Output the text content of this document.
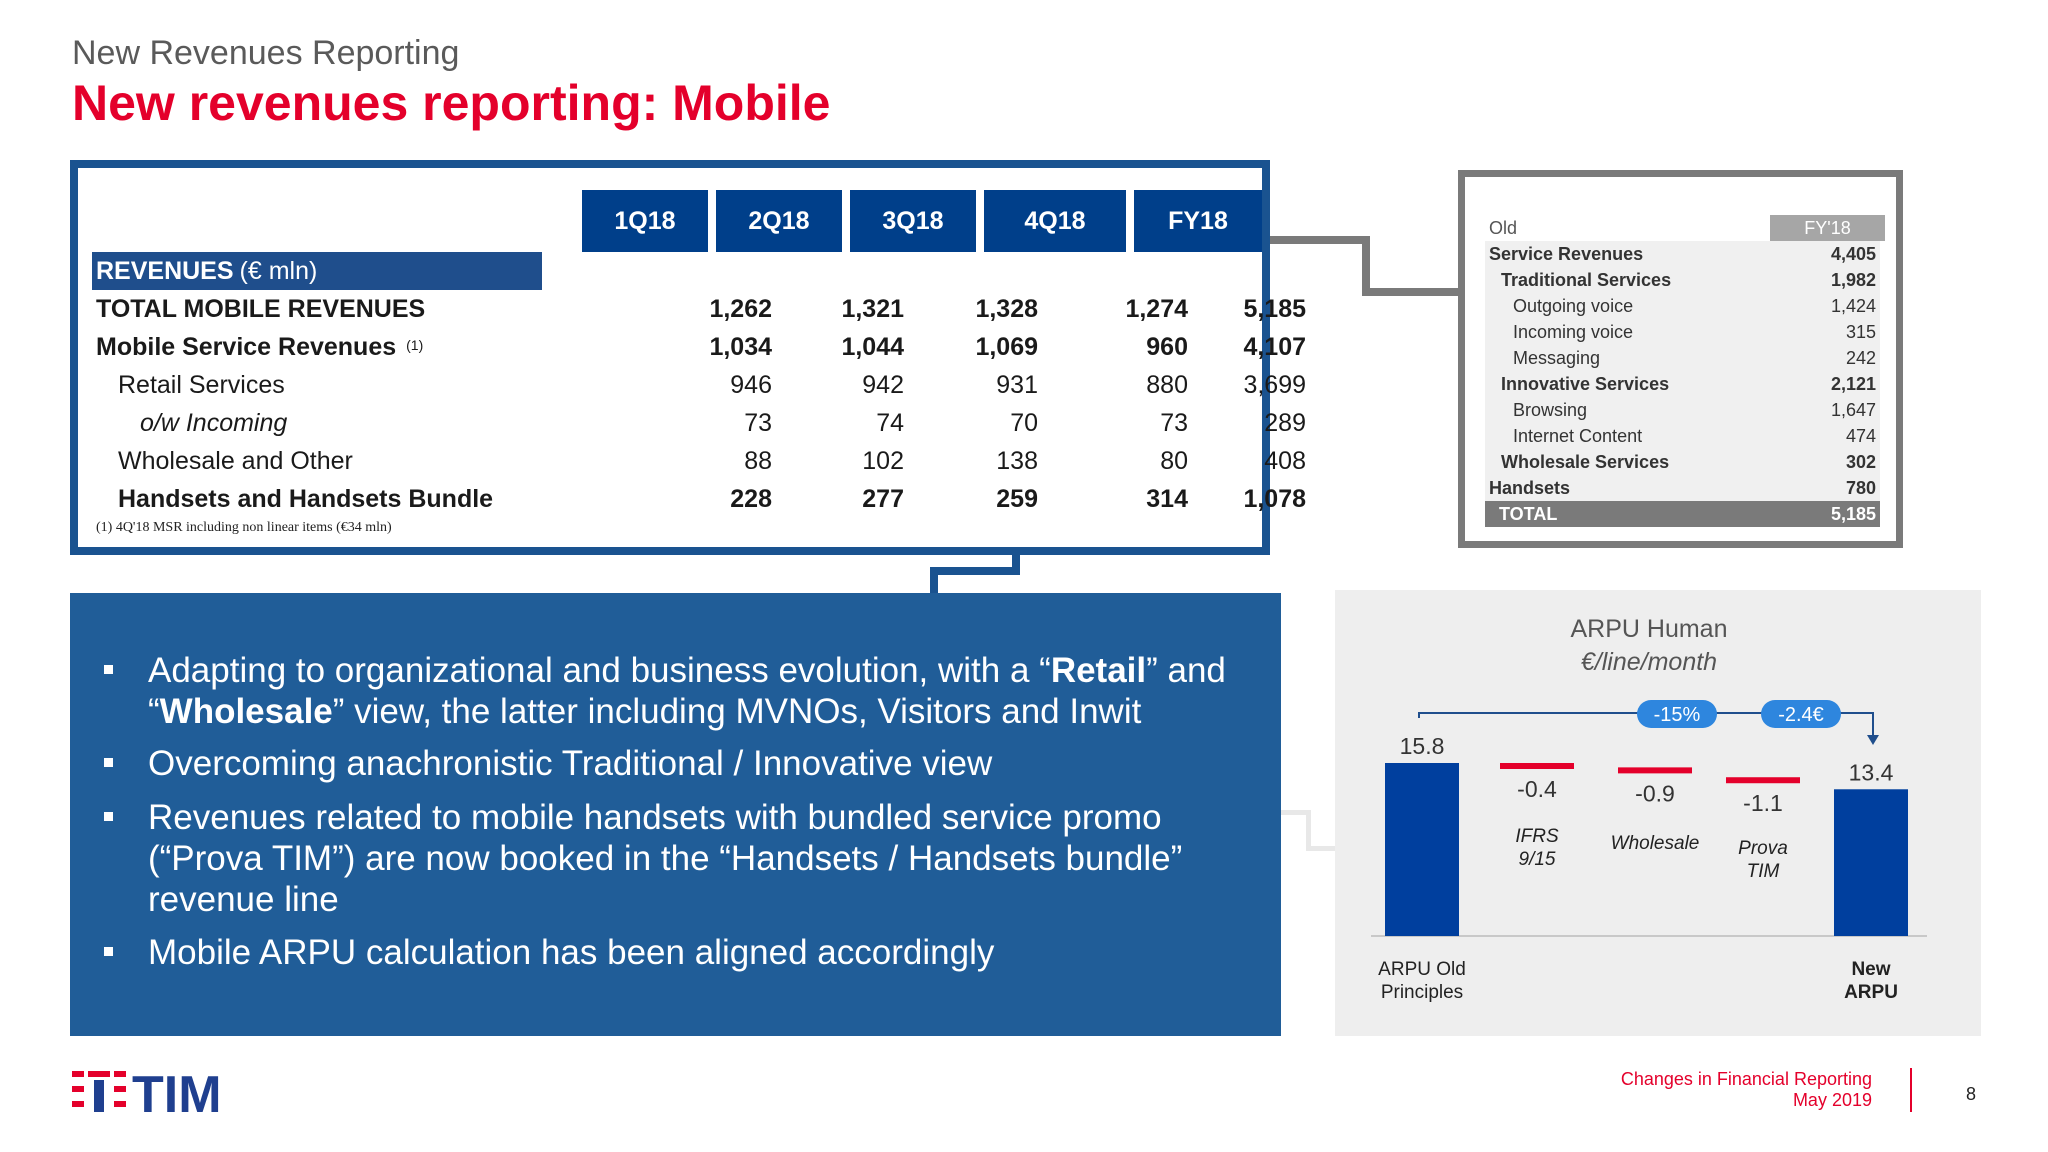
New Revenues Reporting
New revenues reporting: Mobile
1Q18	2Q18	3Q18	4Q18	FY18
REVENUES (€ mln)
TOTAL MOBILE REVENUES	1,262	1,321	1,328	1,274	5,185
Mobile Service Revenues $^{(1)}$	1,034	1,044	1,069	960	4,107
Retail Services	946	942	931	880	3,699
o/w Incoming	73	74	70	73	289
Wholesale and Other	88	102	138	80	408
Handsets and Handsets Bundle	228	277	259	314	1,078
(1) 4Q'18 MSR including non linear items (€34 mln)
Old	FY'18
Service Revenues	4,405
Traditional Services	1,982
Outgoing voice	1,424
Incoming voice	315
Messaging	242
Innovative Services	2,121
Browsing	1,647
Internet Content	474
Wholesale Services	302
Handsets	780
TOTAL	5,185
Adapting to organizational and business evolution, with a “Retail” and
“Wholesale” view, the latter including MVNOs, Visitors and Inwit
Overcoming anachronistic Traditional / Innovative view
Revenues related to mobile handsets with bundled service promo (“Prova TIM”) are now booked in the “Handsets / Handsets bundle” revenue line
Mobile ARPU calculation has been aligned accordingly
ARPU Human
€/line/month
-15%	-2.4€
15.8
-0.4	-0.9	-1.1
13.4
ARPU Old
Principles
IFRS
9/15
Wholesale Prova
TIM
New
ARPU
TIM	Changes in Financial Reporting
May 2019	8
